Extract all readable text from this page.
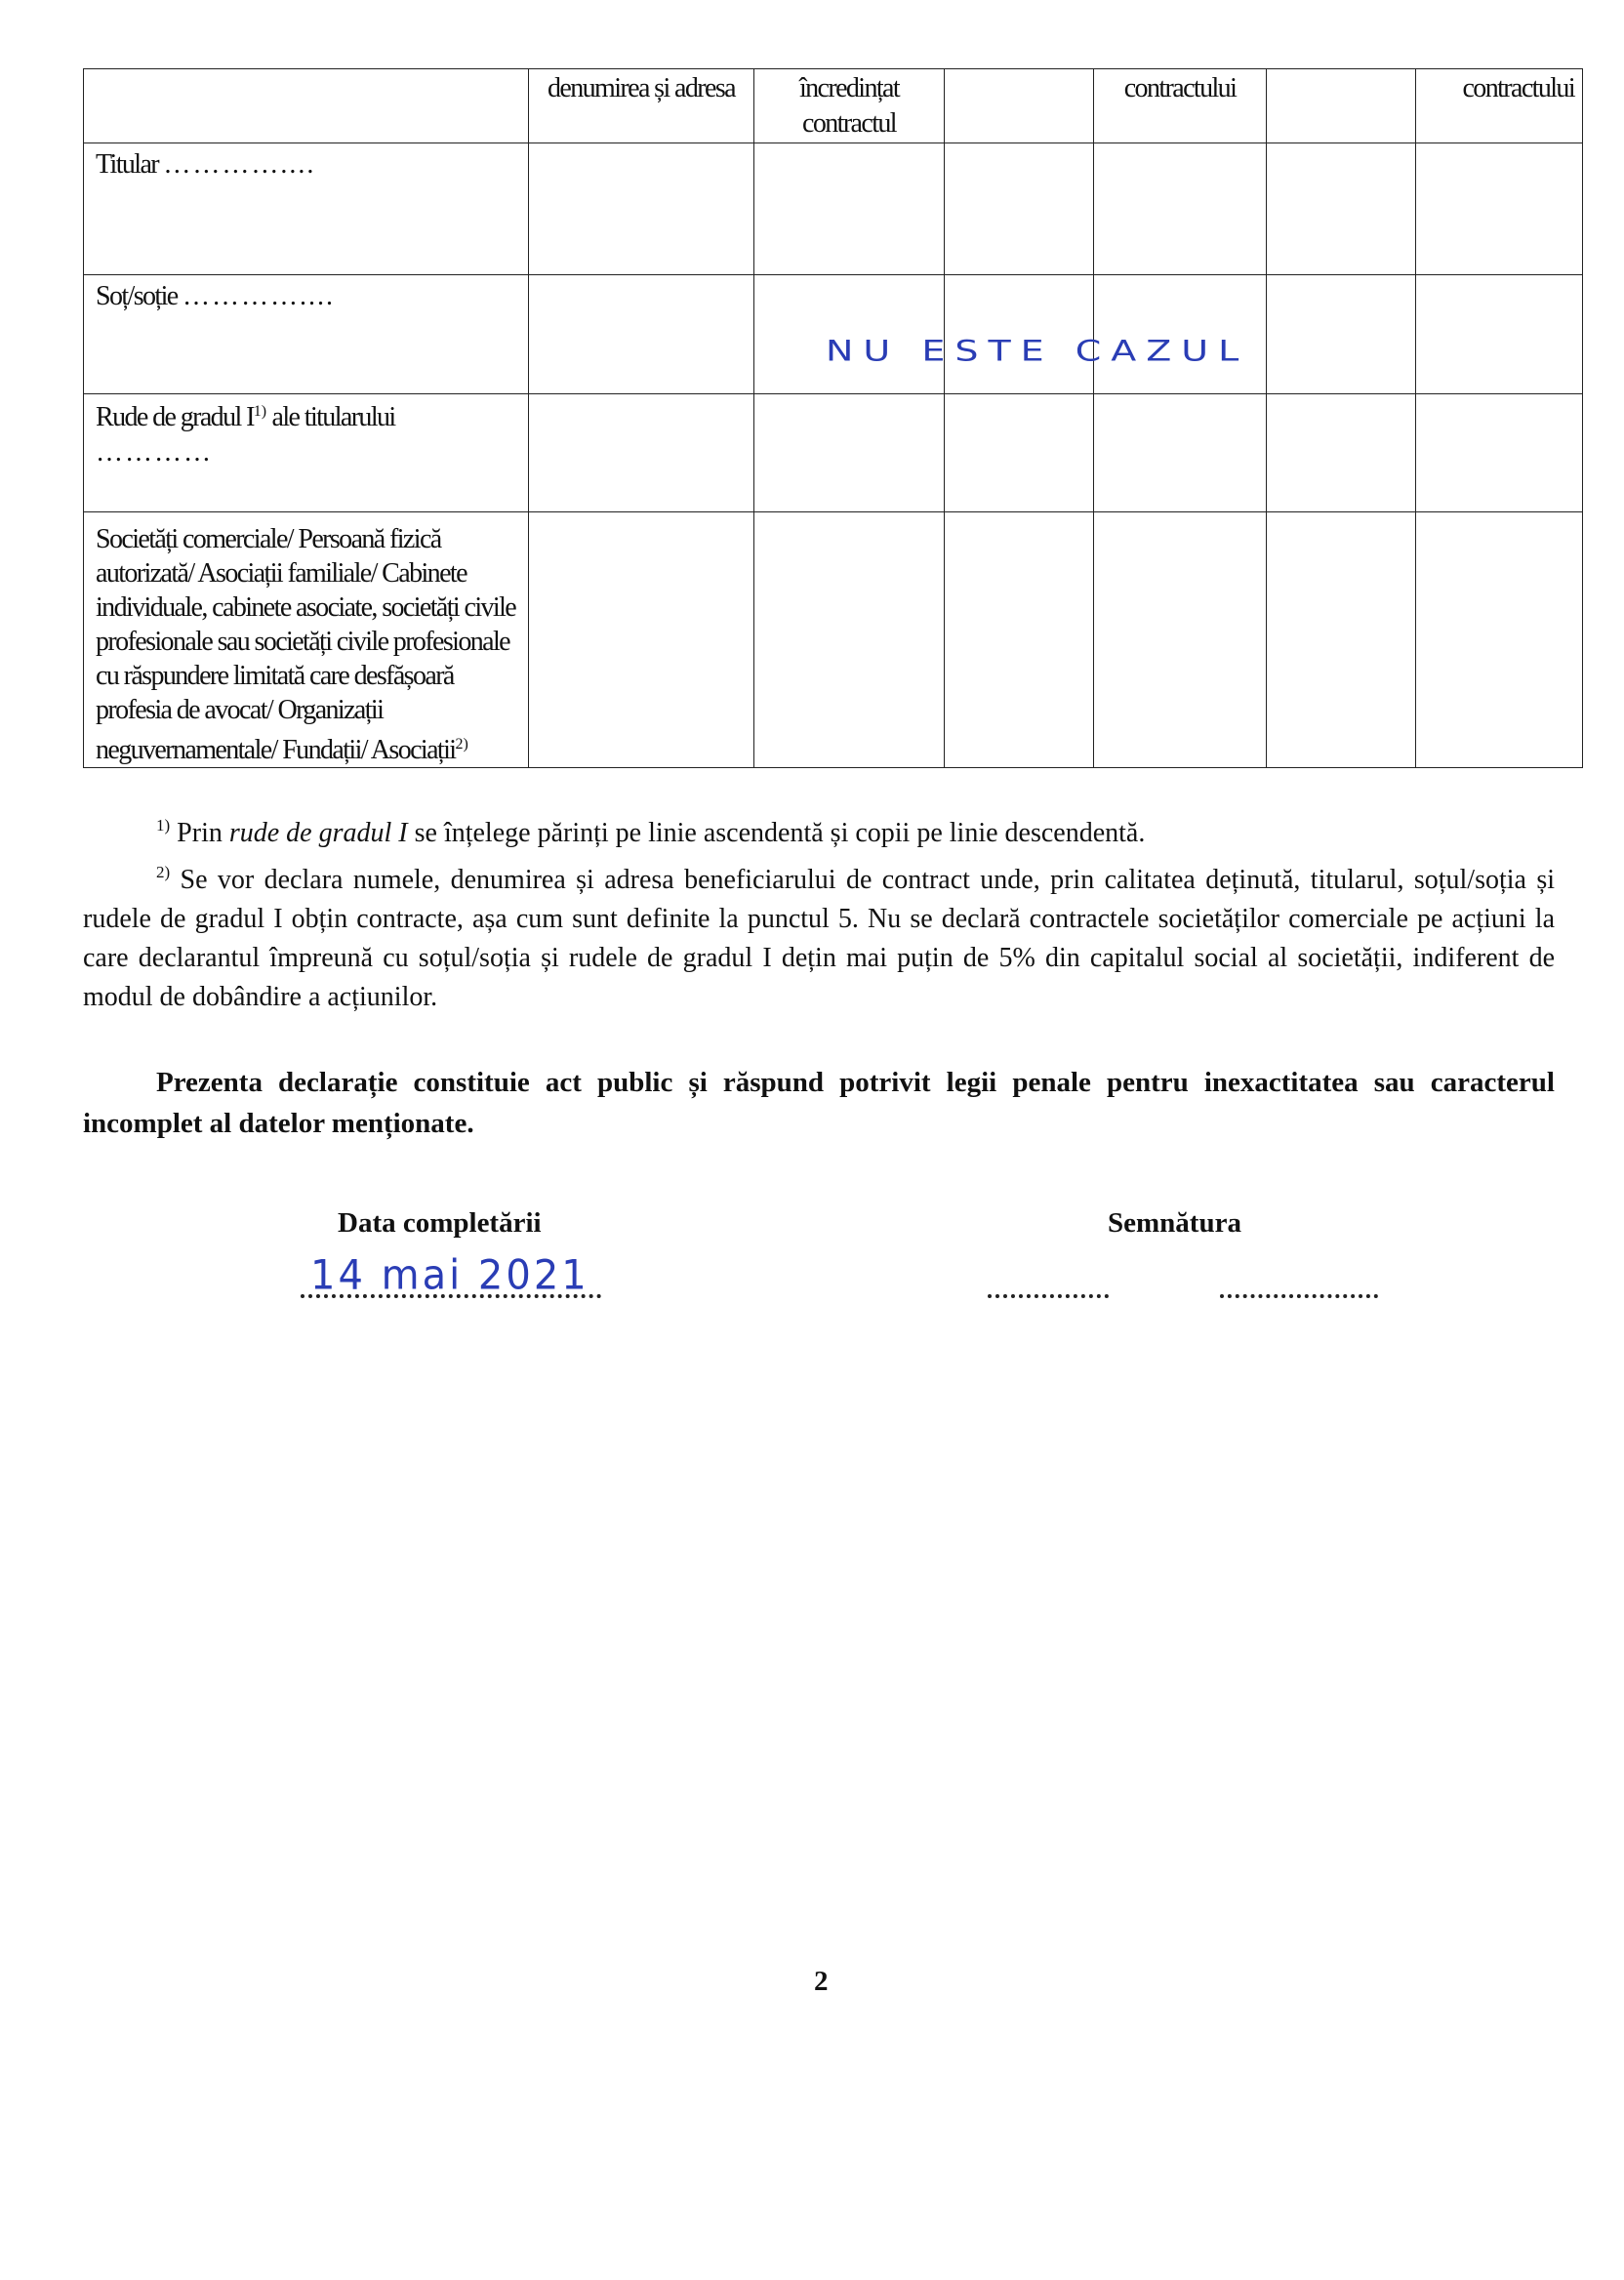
	denumirea și adresa	încredințat contractul		contractului		contractului
Titular …………....						
Soț/soție …………....						
Rude de gradul $I^{1)}$ ale titularului
…………						
Societăți comerciale/ Persoană fizică autorizată/ Asociații familiale/ Cabinete individuale, cabinete asociate, societăți civile profesionale sau societăți civile profesionale cu răspundere limitată care desfășoară profesia de avocat/ Organizații neguvernamentale/ Fundații/ Asociații$^{2)}$						
NU ESTE CAZUL

$^{1)}$ Prin rude de gradul I se înțelege părinți pe linie ascendentă și copii pe linie descendentă.

$^{2)}$ Se vor declara numele, denumirea și adresa beneficiarului de contract unde, prin calitatea deținută, titularul, soțul/soția și rudele de gradul I obțin contracte, așa cum sunt definite la punctul 5. Nu se declară contractele societăților comerciale pe acțiuni la care declarantul împreună cu soțul/soția și rudele de gradul I dețin mai puțin de 5% din capitalul social al societății, indiferent de modul de dobândire a acțiunilor.

Prezenta declarație constituie act public și răspund potrivit legii penale pentru inexactitatea sau caracterul incomplet al datelor menționate.
Data completării	Semnătura
14 mai 2021
2
